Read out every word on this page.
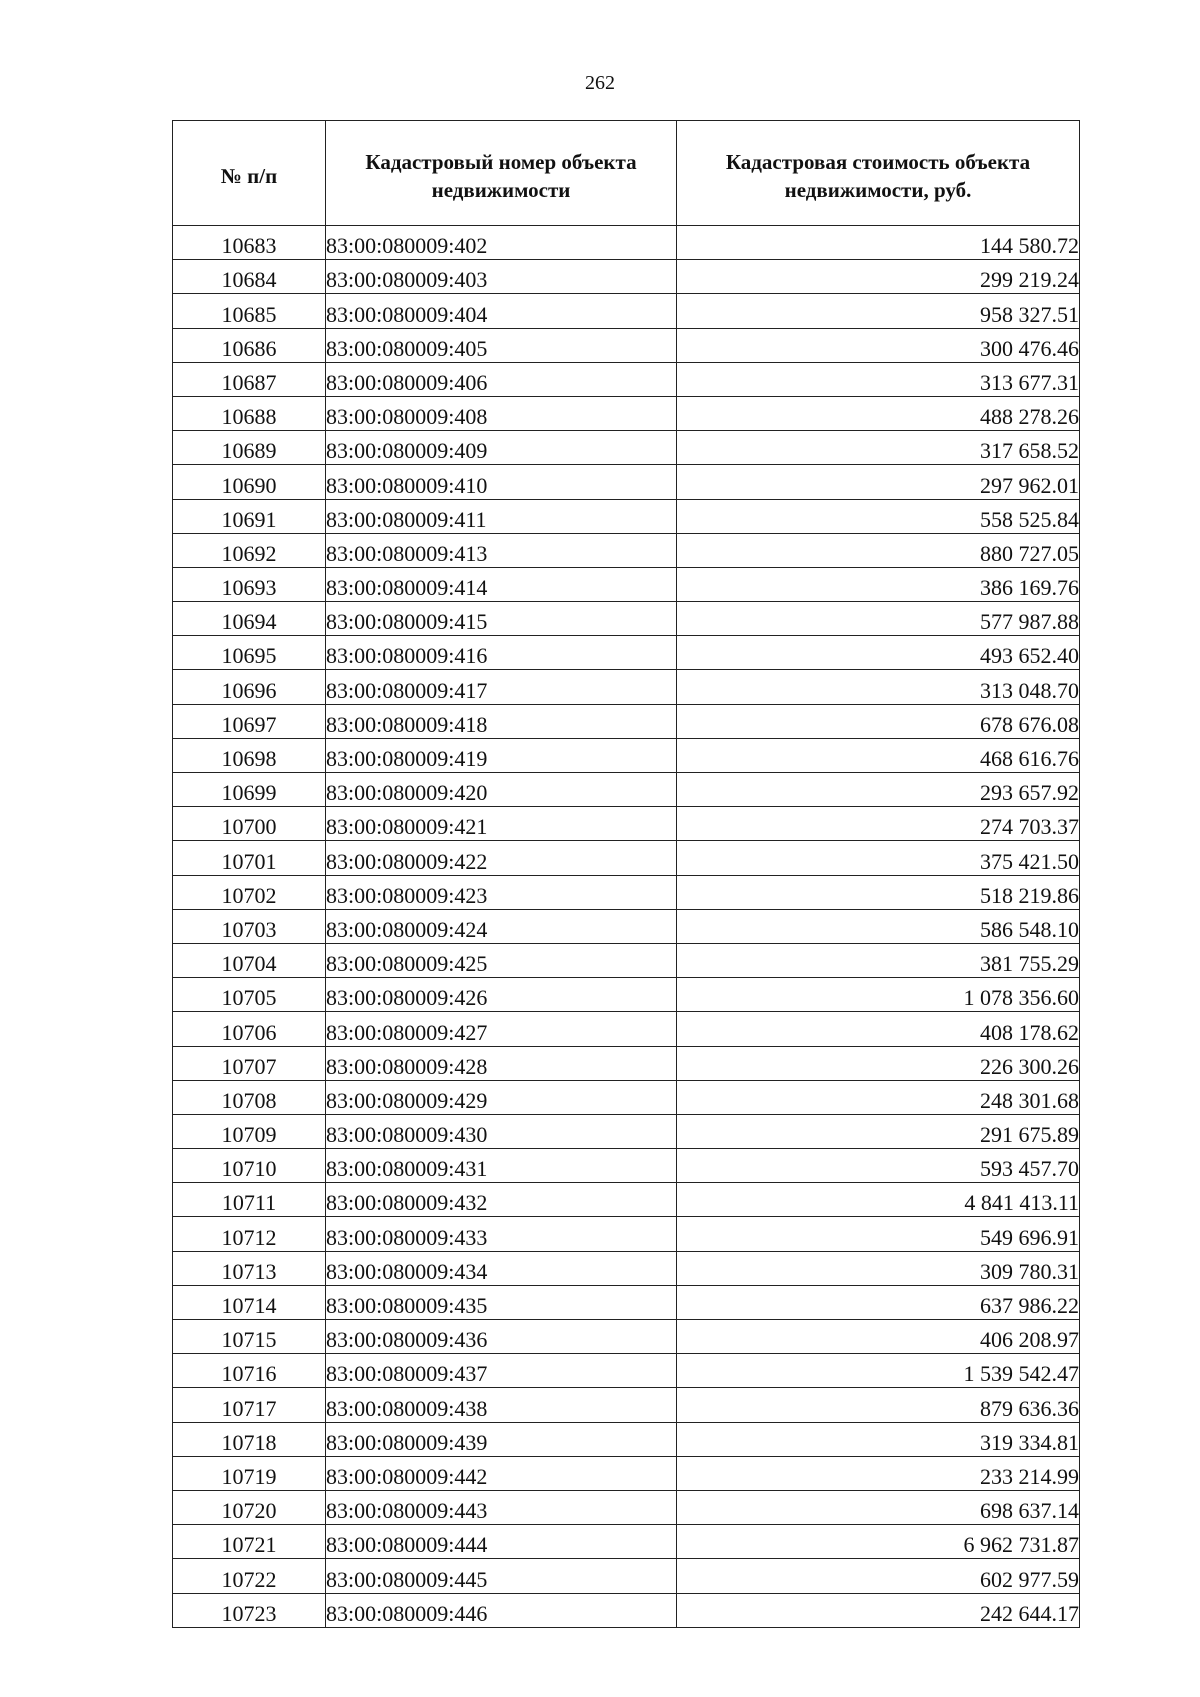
262
№ п/п	Кадастровый номер объекта недвижимости	Кадастровая стоимость объекта недвижимости, руб.
10683	83:00:080009:402	144 580.72
10684	83:00:080009:403	299 219.24
10685	83:00:080009:404	958 327.51
10686	83:00:080009:405	300 476.46
10687	83:00:080009:406	313 677.31
10688	83:00:080009:408	488 278.26
10689	83:00:080009:409	317 658.52
10690	83:00:080009:410	297 962.01
10691	83:00:080009:411	558 525.84
10692	83:00:080009:413	880 727.05
10693	83:00:080009:414	386 169.76
10694	83:00:080009:415	577 987.88
10695	83:00:080009:416	493 652.40
10696	83:00:080009:417	313 048.70
10697	83:00:080009:418	678 676.08
10698	83:00:080009:419	468 616.76
10699	83:00:080009:420	293 657.92
10700	83:00:080009:421	274 703.37
10701	83:00:080009:422	375 421.50
10702	83:00:080009:423	518 219.86
10703	83:00:080009:424	586 548.10
10704	83:00:080009:425	381 755.29
10705	83:00:080009:426	1 078 356.60
10706	83:00:080009:427	408 178.62
10707	83:00:080009:428	226 300.26
10708	83:00:080009:429	248 301.68
10709	83:00:080009:430	291 675.89
10710	83:00:080009:431	593 457.70
10711	83:00:080009:432	4 841 413.11
10712	83:00:080009:433	549 696.91
10713	83:00:080009:434	309 780.31
10714	83:00:080009:435	637 986.22
10715	83:00:080009:436	406 208.97
10716	83:00:080009:437	1 539 542.47
10717	83:00:080009:438	879 636.36
10718	83:00:080009:439	319 334.81
10719	83:00:080009:442	233 214.99
10720	83:00:080009:443	698 637.14
10721	83:00:080009:444	6 962 731.87
10722	83:00:080009:445	602 977.59
10723	83:00:080009:446	242 644.17
